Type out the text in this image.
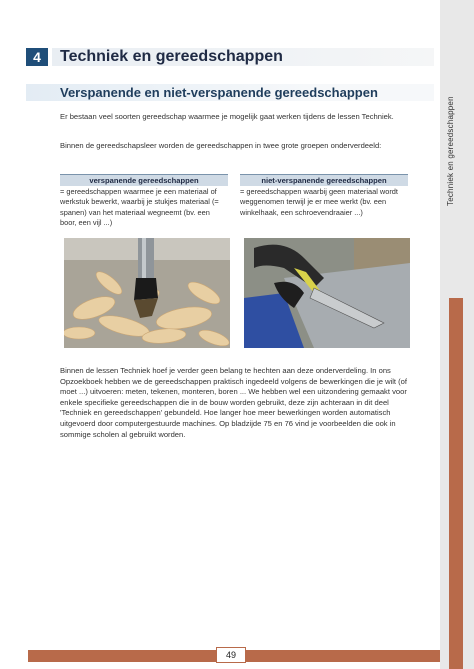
Techniek en gereedschappen
4	Techniek en gereedschappen
Verspanende en niet-verspanende gereedschappen
Er bestaan veel soorten gereedschap waarmee je mogelijk gaat werken tijdens de lessen Techniek.
Binnen de gereedschapsleer worden de gereedschappen in twee grote groepen onderverdeeld:
verspanende gereedschappen
= gereedschappen waarmee je een materiaal of werkstuk bewerkt, waarbij je stukjes materiaal (= spanen) van het materiaal wegneemt (bv. een boor, een vijl ...)
niet-verspanende gereedschappen
= gereedschappen waarbij geen materiaal wordt weggenomen terwijl je er mee werkt (bv. een winkelhaak, een schroevendraaier ...)
Binnen de lessen Techniek hoef je verder geen belang te hechten aan deze onderverdeling. In ons Opzoekboek hebben we de gereedschappen praktisch ingedeeld volgens de bewerkingen die je wilt (of moet ...) uitvoeren: meten, tekenen, monteren, boren ... We hebben wel een uitzondering gemaakt voor enkele specifieke gereedschappen die in de bouw worden gebruikt, deze zijn achteraan in dit deel 'Techniek en gereedschappen' gebundeld. Hoe langer hoe meer bewerkingen worden automatisch uitgevoerd door computergestuurde machines. Op bladzijde 75 en 76 vind je voorbeelden die ook in sommige scholen al gebruikt worden.
49
